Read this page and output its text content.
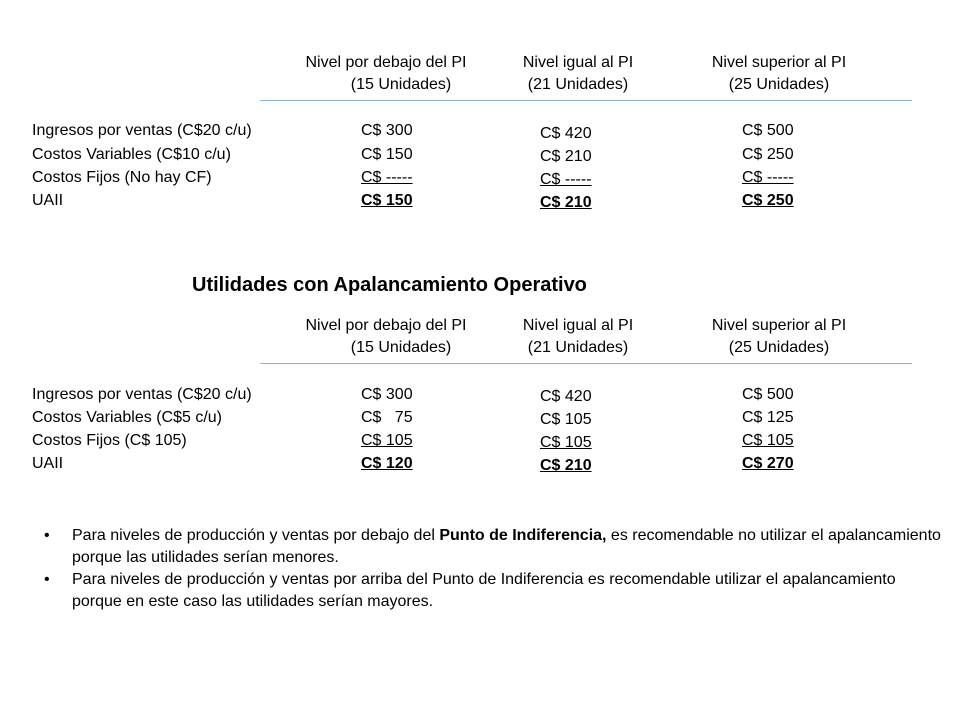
Nivel por debajo del PI
(15 Unidades)
Nivel igual al PI
(21 Unidades)
Nivel superior al PI
(25 Unidades)
Ingresos por ventas (C$20 c/u)
Costos Variables (C$10 c/u)
Costos Fijos (No hay CF)
UAII
C$ 300
C$ 150
C$ -----
C$ 150
C$ 420
C$ 210
C$ -----
C$ 210
C$ 500
C$ 250
C$ -----
C$ 250
Utilidades con Apalancamiento Operativo
Nivel por debajo del PI
(15 Unidades)
Nivel igual al PI
(21 Unidades)
Nivel superior al PI
(25 Unidades)
Ingresos por ventas (C$20 c/u)
Costos Variables (C$5 c/u)
Costos Fijos (C$ 105)
UAII
C$ 300
C$   75
C$ 105
C$ 120
C$ 420
C$ 105
C$ 105
C$ 210
C$ 500
C$ 125
C$ 105
C$ 270
• Para niveles de producción y ventas por debajo del Punto de Indiferencia, es recomendable no utilizar el apalancamiento porque las utilidades serían menores.
• Para niveles de producción y ventas por arriba del Punto de Indiferencia es recomendable utilizar el apalancamiento porque en este caso las utilidades serían mayores.
